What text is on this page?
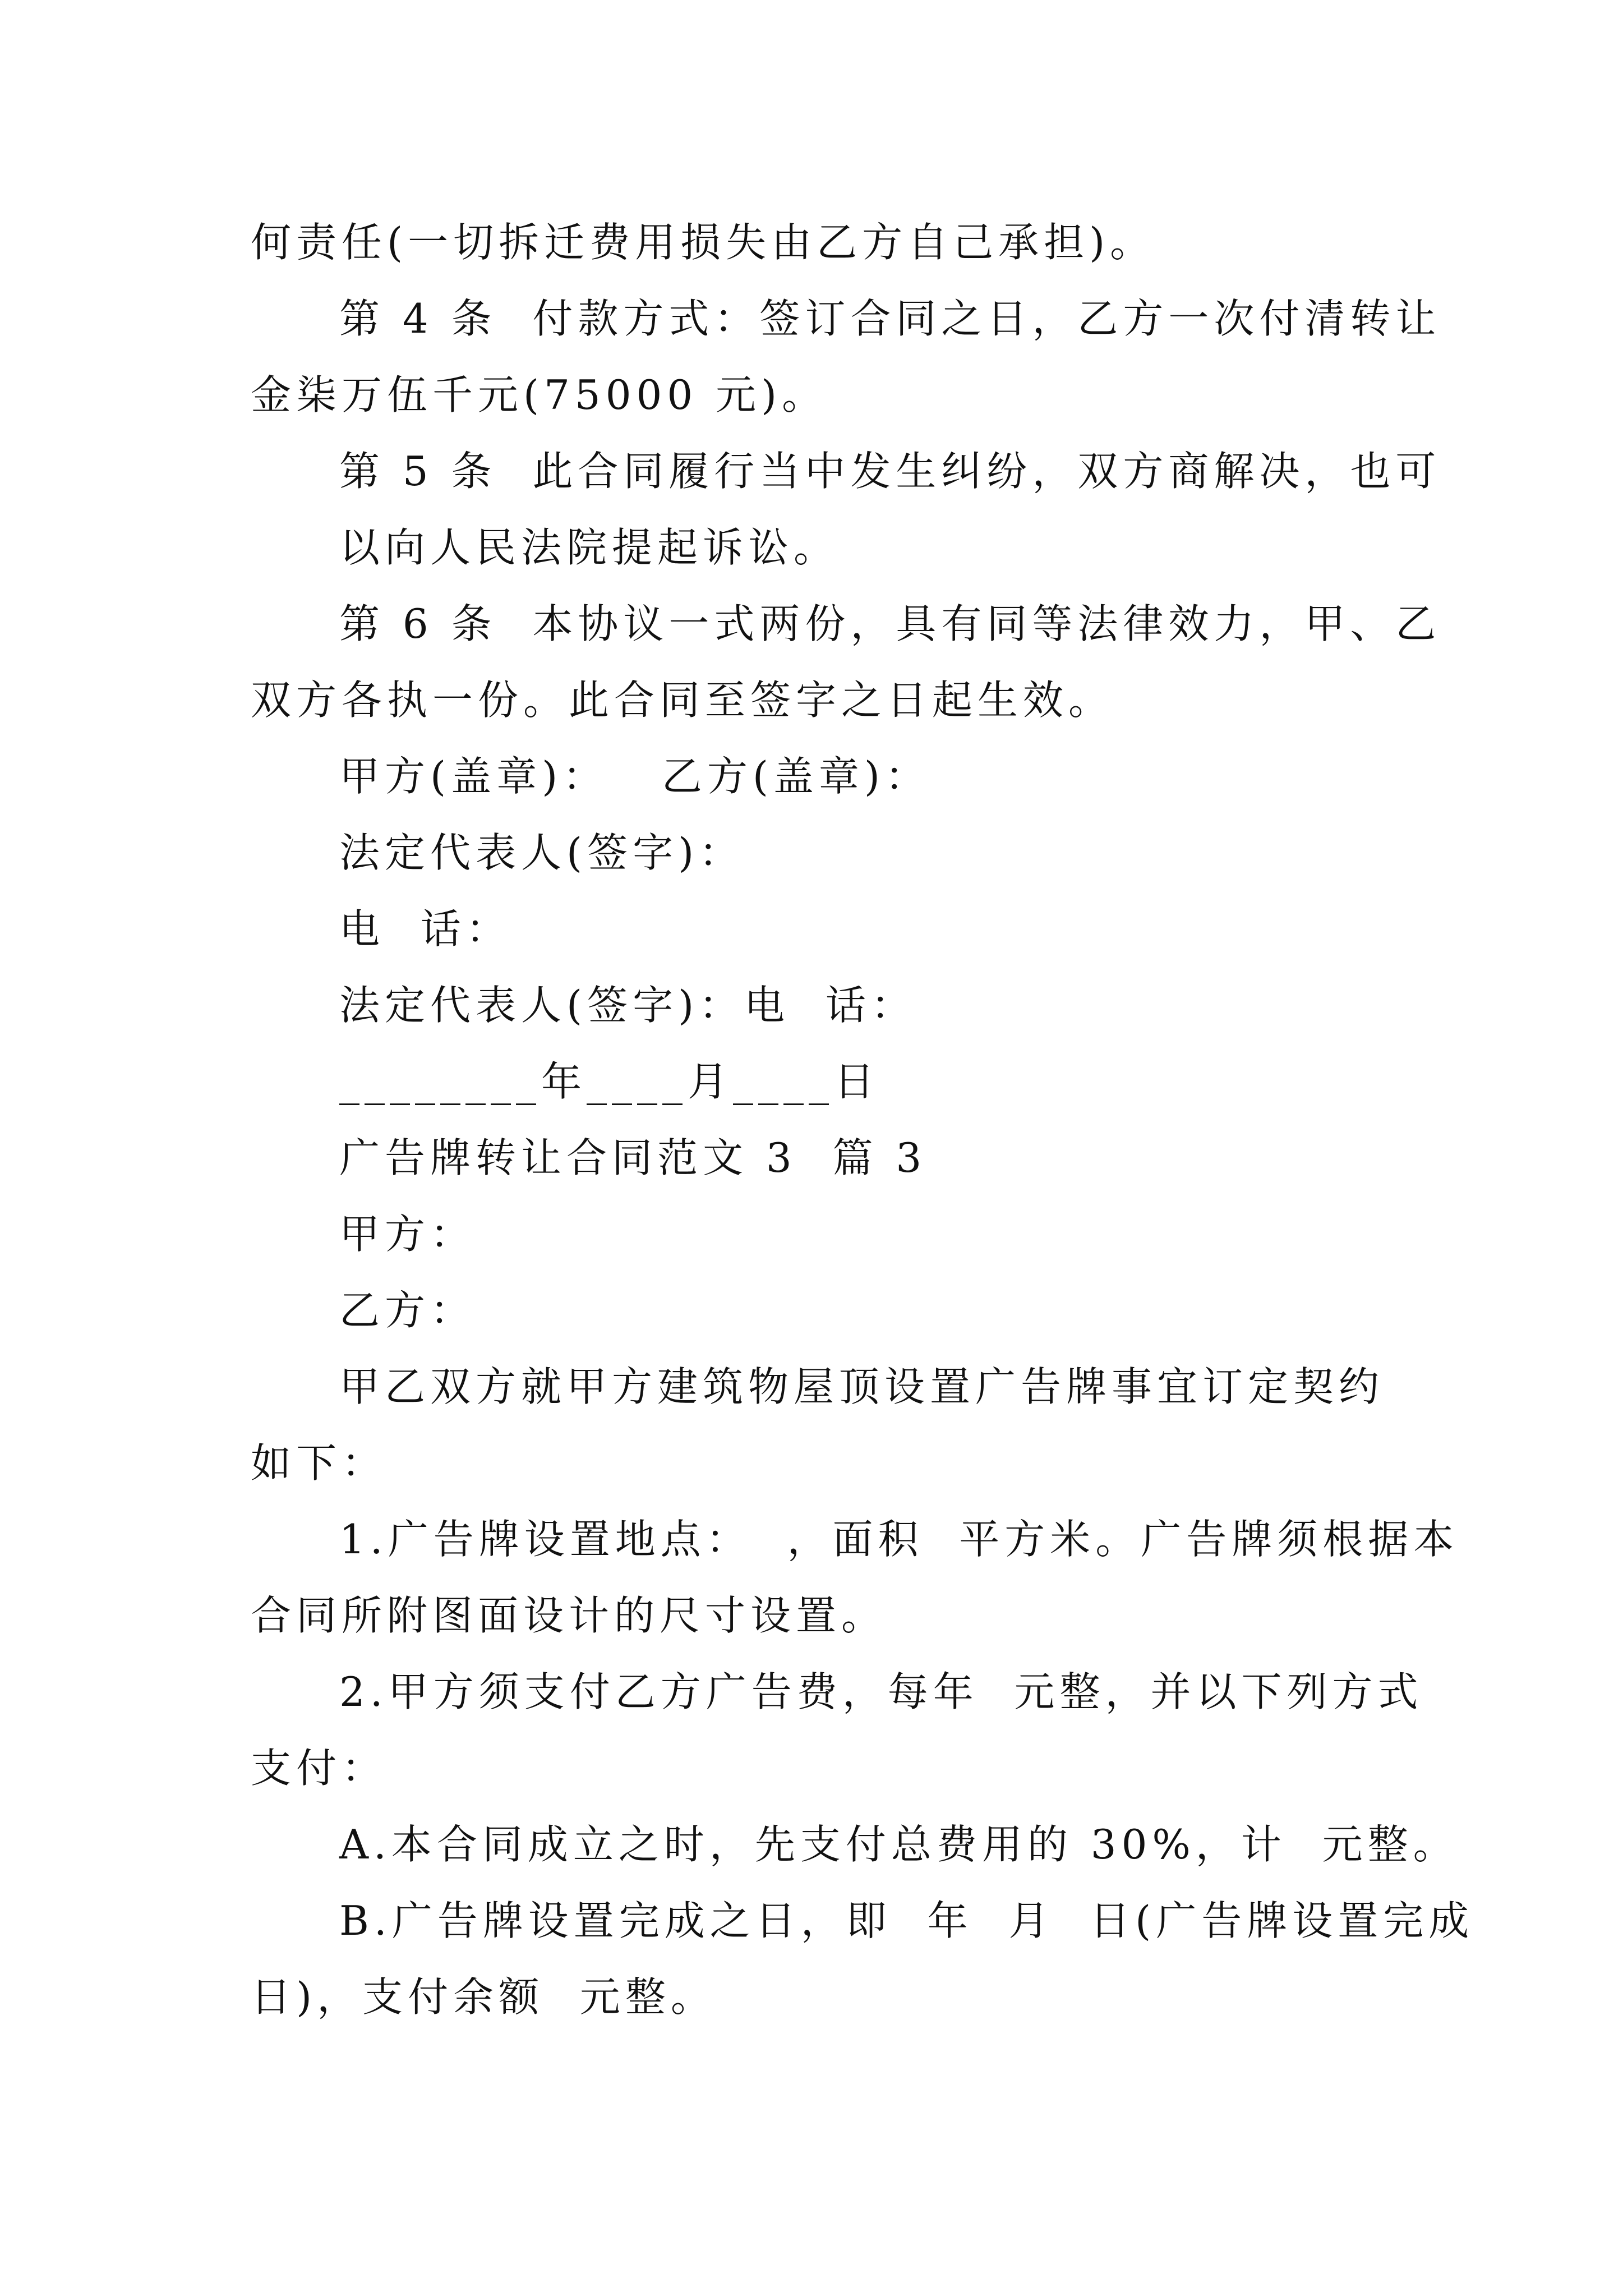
何责任(一切拆迁费用损失由乙方自己承担)。
第 4 条  付款方式：签订合同之日，乙方一次付清转让
金柒万伍千元(75000 元)。
第 5 条  此合同履行当中发生纠纷，双方商解决，也可
以向人民法院提起诉讼。
第 6 条  本协议一式两份，具有同等法律效力，甲、乙
双方各执一份。此合同至签字之日起生效。
甲方(盖章)：   乙方(盖章)：
法定代表人(签字)：
电  话：
法定代表人(签字)：电  话：
________年____月____日
广告牌转让合同范文 3  篇 3
甲方：
乙方：
甲乙双方就甲方建筑物屋顶设置广告牌事宜订定契约
如下：
1.广告牌设置地点：  ，面积  平方米。广告牌须根据本
合同所附图面设计的尺寸设置。
2.甲方须支付乙方广告费，每年  元整，并以下列方式
支付：
A.本合同成立之时，先支付总费用的 30%，计  元整。
B.广告牌设置完成之日，即  年  月  日(广告牌设置完成
日)，支付余额  元整。
